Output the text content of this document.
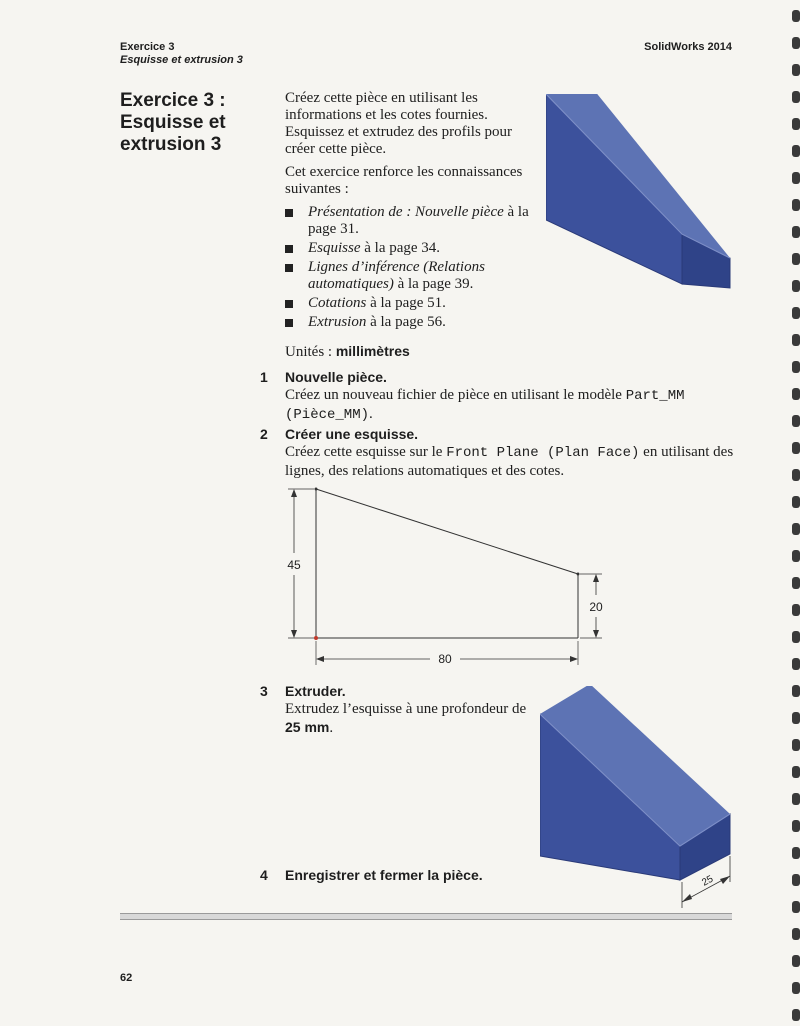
Exercice 3
Esquisse et extrusion 3
SolidWorks 2014
Exercice 3 :
Esquisse et
extrusion 3

Créez cette pièce en utilisant les informations et les cotes fournies. Esquissez et extrudez des profils pour créer cette pièce.

Cet exercice renforce les connaissances suivantes :

Présentation de : Nouvelle pièce à la page 31.
Esquisse à la page 34.
Lignes d’inférence (Relations automatiques) à la page 39.
Cotations à la page 51.
Extrusion à la page 56.
Unités : millimètres
1 Nouvelle pièce.
Créez un nouveau fichier de pièce en utilisant le modèle Part_MM
(Pièce_MM).
2 Créer une esquisse.
Créez cette esquisse sur le Front Plane (Plan Face) en utilisant des lignes, des relations automatiques et des cotes.
45
20
80
3 Extruder.
Extrudez l’esquisse à une profondeur de 25 mm.
25
4 Enregistrer et fermer la pièce.
62
